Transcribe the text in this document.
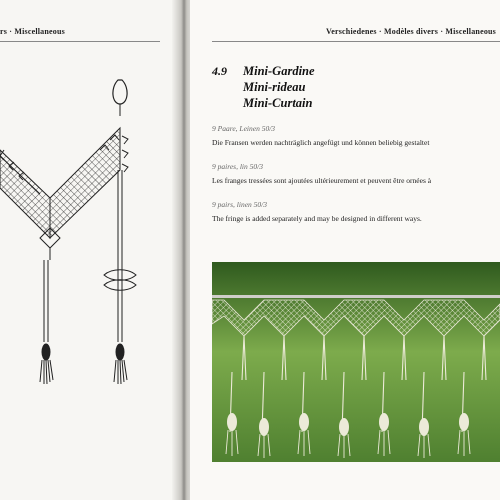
rs · Miscellaneous	Verschiedenes · Modèles divers · Miscellaneous
4.9 Mini-Gardine
Mini-rideau
Mini-Curtain
9 Paare, Leinen 50/3
Die Fransen werden nachträglich angefügt und können beliebig gestaltet
9 paires, lin 50/3
Les franges tressées sont ajoutées ultérieurement et peuvent être ornées à
9 pairs, linen 50/3
The fringe is added separately and may be designed in different ways.
